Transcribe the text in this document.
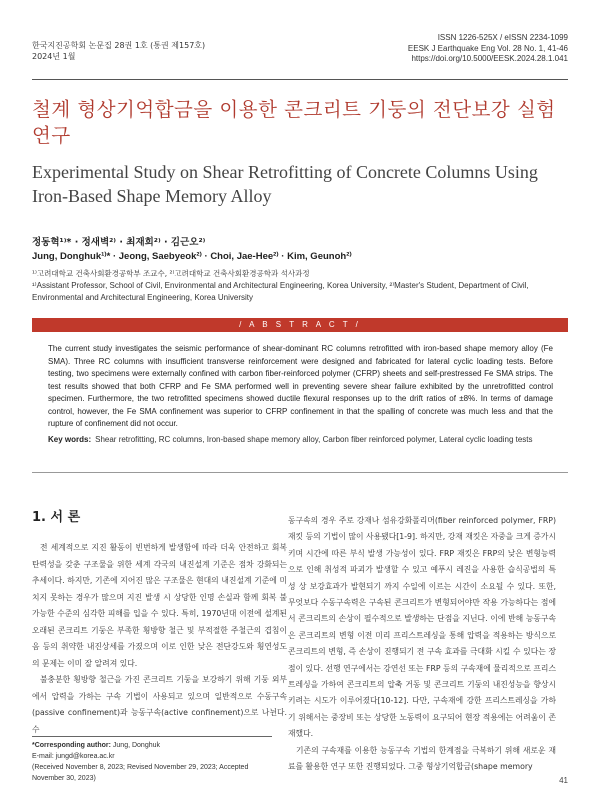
한국지진공학회 논문집 28권 1호 (통권 제157호)
2024년 1월
ISSN 1226-525X / eISSN 2234-1099
EESK J Earthquake Eng Vol. 28 No. 1, 41-46
https://doi.org/10.5000/EESK.2024.28.1.041
철계 형상기억합금을 이용한 콘크리트 기둥의 전단보강 실험연구
Experimental Study on Shear Retrofitting of Concrete Columns Using Iron-Based Shape Memory Alloy
정동혁¹⁾* · 정새벽²⁾ · 최재희²⁾ · 김근오²⁾
Jung, Donghuk¹⁾* · Jeong, Saebyeok²⁾ · Choi, Jae-Hee²⁾ · Kim, Geunoh²⁾
¹⁾고려대학교 건축사회환경공학부 조교수, ²⁾고려대학교 건축사회환경공학과 석사과정
¹⁾Assistant Professor, School of Civil, Environmental and Architectural Engineering, Korea University, ²⁾Master's Student, Department of Civil, Environmental and Architectural Engineering, Korea University
/ A B S T R A C T /
The current study investigates the seismic performance of shear-dominant RC columns retrofitted with iron-based shape memory alloy (Fe SMA). Three RC columns with insufficient transverse reinforcement were designed and fabricated for lateral cyclic loading tests. Before testing, two specimens were externally confined with carbon fiber-reinforced polymer (CFRP) sheets and self-prestressed Fe SMA strips. The test results showed that both CFRP and Fe SMA performed well in preventing severe shear failure exhibited by the unretrofitted control specimen. Furthermore, the two retrofitted specimens showed ductile flexural responses up to the drift ratios of ±8%. In terms of damage control, however, the Fe SMA confinement was superior to CFRP confinement in that the spalling of concrete was much less and that the rupture of confinement did not occur.
Key words: Shear retrofitting, RC columns, Iron-based shape memory alloy, Carbon fiber reinforced polymer, Lateral cyclic loading tests
1. 서 론

전 세계적으로 지진 활동이 빈번하게 발생함에 따라 더욱 안전하고 회복 탄력성을 갖춘 구조물을 위한 세계 각국의 내진설계 기준은 점차 강화되는 추세이다. 하지만, 기존에 지어진 많은 구조물은 현대의 내진설계 기준에 미치지 못하는 경우가 많으며 지진 발생 시 상당한 인명 손실과 함께 회복 불가능한 수준의 심각한 피해를 입을 수 있다. 특히, 1970년대 이전에 설계된 오래된 콘크리트 기둥은 부족한 횡방향 철근 및 부적절한 주철근의 겹침이음 등의 취약한 내진상세를 가졌으며 이로 인한 낮은 전단강도와 횡연성도의 문제는 이미 잘 알려져 있다.

불충분한 횡방향 철근을 가진 콘크리트 기둥을 보강하기 위해 기둥 외부에서 압력을 가하는 구속 기법이 사용되고 있으며 일반적으로 수동구속(passive confinement)과 능동구속(active confinement)으로 나뉜다. 수

동구속의 경우 주로 강재나 섬유강화폴리머(fiber reinforced polymer, FRP) 재킷 등의 기법이 많이 사용됐다[1-9]. 하지만, 강재 재킷은 자중을 크게 증가시키며 시간에 따른 부식 발생 가능성이 있다. FRP 재킷은 FRP의 낮은 변형능력으로 인해 취성적 파괴가 발생할 수 있고 예푸시 레진을 사용한 습식공법의 특성 상 보강효과가 발현되기 까지 수일에 이르는 시간이 소요될 수 있다. 또한, 무엇보다 수동구속력은 구속된 콘크리트가 변형되어야만 작용 가능하다는 점에서 콘크리트의 손상이 필수적으로 발생하는 단점을 지닌다. 이에 반해 능동구속은 콘크리트의 변형 이전 미리 프리스트레싱을 통해 압력을 적용하는 방식으로 콘크리트의 변형, 즉 손상이 진행되기 전 구속 효과를 극대화 시킬 수 있다는 장점이 있다. 선행 연구에서는 강연선 또는 FRP 등의 구속재에 물리적으로 프리스트레싱을 가하여 콘크리트의 압축 거동 및 콘크리트 기둥의 내진성능을 향상시키려는 시도가 이루어졌다[10-12]. 다만, 구속재에 강한 프리스트레싱을 가하기 위해서는 중장비 또는 상당한 노동력이 요구되어 현장 적용에는 어려움이 존재했다.

기존의 구속재를 이용한 능동구속 기법의 한계점을 극복하기 위해 새로운 재료를 활용한 연구 또한 진행되었다. 그중 형상기억합금(shape memory

*Corresponding author: Jung, Donghuk
E-mail: jungd@korea.ac.kr
(Received November 8, 2023; Revised November 29, 2023; Accepted November 30, 2023)	41
